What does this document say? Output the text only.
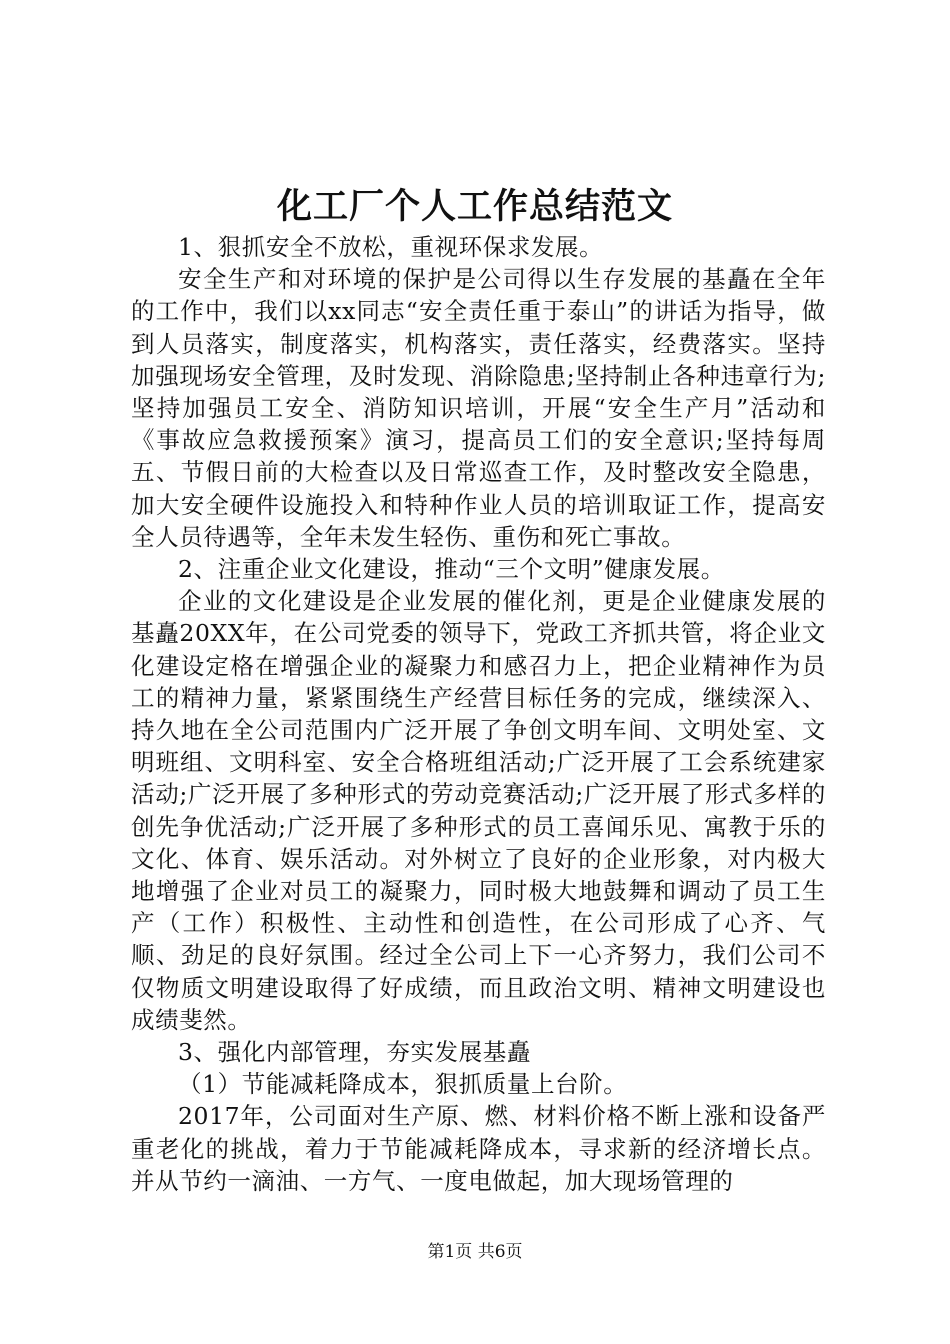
化工厂个人工作总结范文

1、狠抓安全不放松，重视环保求发展。

安全生产和对环境的保护是公司得以生存发展的基矗在全年的工作中，我们以xx同志“安全责任重于泰山”的讲话为指导，做到人员落实，制度落实，机构落实，责任落实，经费落实。坚持加强现场安全管理，及时发现、消除隐患;坚持制止各种违章行为;坚持加强员工安全、消防知识培训，开展“安全生产月”活动和《事故应急救援预案》演习，提高员工们的安全意识;坚持每周五、节假日前的大检查以及日常巡查工作，及时整改安全隐患，加大安全硬件设施投入和特种作业人员的培训取证工作，提高安全人员待遇等，全年未发生轻伤、重伤和死亡事故。

2、注重企业文化建设，推动“三个文明”健康发展。

企业的文化建设是企业发展的催化剂，更是企业健康发展的基矗20XX年，在公司党委的领导下，党政工齐抓共管，将企业文化建设定格在增强企业的凝聚力和感召力上，把企业精神作为员工的精神力量，紧紧围绕生产经营目标任务的完成，继续深入、持久地在全公司范围内广泛开展了争创文明车间、文明处室、文明班组、文明科室、安全合格班组活动;广泛开展了工会系统建家活动;广泛开展了多种形式的劳动竞赛活动;广泛开展了形式多样的创先争优活动;广泛开展了多种形式的员工喜闻乐见、寓教于乐的文化、体育、娱乐活动。对外树立了良好的企业形象，对内极大地增强了企业对员工的凝聚力，同时极大地鼓舞和调动了员工生产（工作）积极性、主动性和创造性，在公司形成了心齐、气顺、劲足的良好氛围。经过全公司上下一心齐努力，我们公司不仅物质文明建设取得了好成绩，而且政治文明、精神文明建设也成绩斐然。

3、强化内部管理，夯实发展基矗

（1）节能减耗降成本，狠抓质量上台阶。

2017年，公司面对生产原、燃、材料价格不断上涨和设备严重老化的挑战，着力于节能减耗降成本，寻求新的经济增长点。并从节约一滴油、一方气、一度电做起，加大现场管理的

第1页 共6页
